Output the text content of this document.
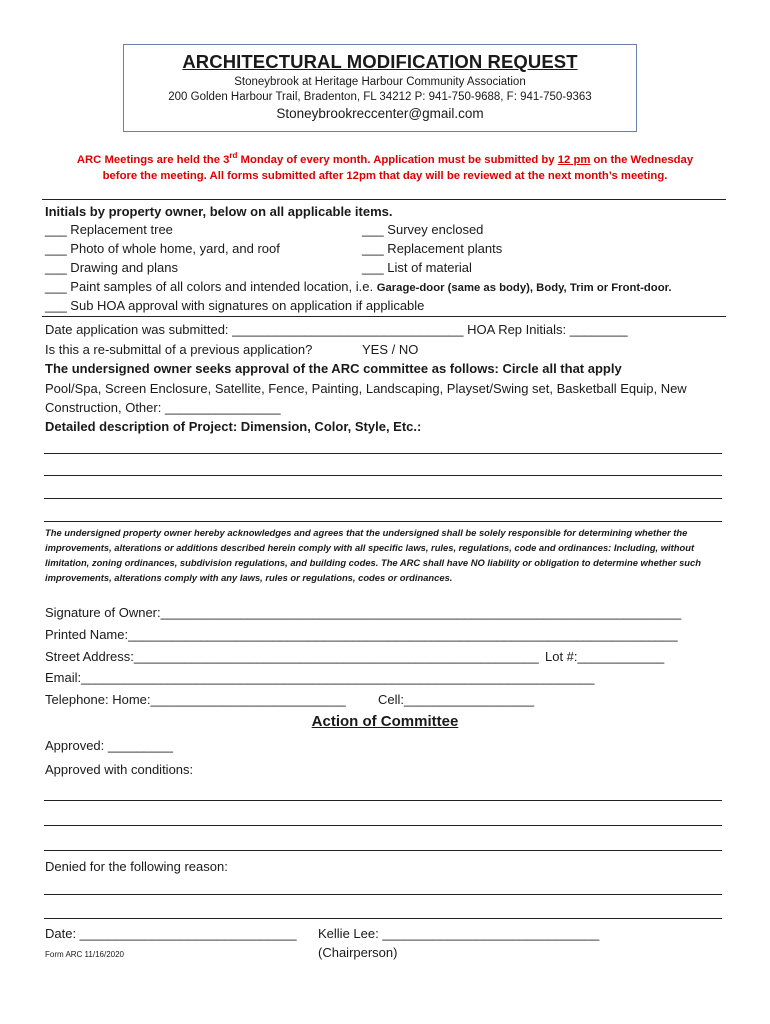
ARCHITECTURAL MODIFICATION REQUEST
Stoneybrook at Heritage Harbour Community Association
200 Golden Harbour Trail, Bradenton, FL 34212 P: 941-750-9688, F: 941-750-9363
Stoneybrookreccenter@gmail.com
ARC Meetings are held the 3rd Monday of every month. Application must be submitted by 12 pm on the Wednesday
before the meeting. All forms submitted after 12pm that day will be reviewed at the next month’s meeting.
Initials by property owner, below on all applicable items.
___ Replacement tree
___ Photo of whole home, yard, and roof
___ Drawing and plans
___ Survey enclosed
___ Replacement plants
___ List of material
___ Paint samples of all colors and intended location, i.e. Garage-door (same as body), Body, Trim or Front-door.
___ Sub HOA approval with signatures on application if applicable
Date application was submitted: ________________________________ HOA Rep Initials: ________
Is this a re-submittal of a previous application?	YES / NO
The undersigned owner seeks approval of the ARC committee as follows: Circle all that apply
Pool/Spa, Screen Enclosure, Satellite, Fence, Painting, Landscaping, Playset/Swing set, Basketball Equip, New
Construction, Other: ________________
Detailed description of Project: Dimension, Color, Style, Etc.:
The undersigned property owner hereby acknowledges and agrees that the undersigned shall be solely responsible for determining whether the improvements, alterations or additions described herein comply with all specific laws, rules, regulations, code and ordinances: Including, without limitation, zoning ordinances, subdivision regulations, and building codes. The ARC shall have NO liability or obligation to determine whether such improvements, alterations comply with any laws, rules or regulations, codes or ordinances.
Signature of Owner:________________________________________________________________________
Printed Name:____________________________________________________________________________
Street Address:________________________________________________________ Lot #:____________
Email:_______________________________________________________________________
Telephone: Home:___________________________ Cell:__________________
Action of Committee
Approved: _________
Approved with conditions:
Denied for the following reason:
Date: ______________________________ Kellie Lee: ______________________________
(Chairperson)
Form ARC 11/16/2020
